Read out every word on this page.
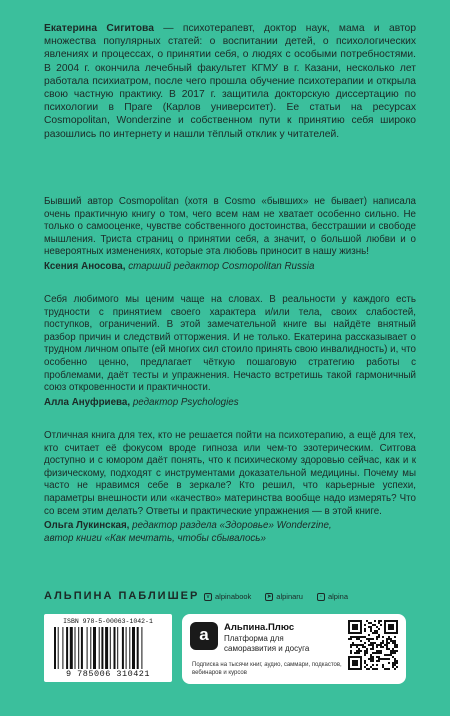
Екатерина Сигитова — психотерапевт, доктор наук, мама и автор множества популярных статей: о воспитании детей, о психологических явлениях и процессах, о принятии себя, о людях с особыми потребностями. В 2004 г. окончила лечебный факультет КГМУ в г. Казани, несколько лет работала психиатром, после чего прошла обучение психотерапии и открыла свою частную практику. В 2017 г. защитила докторскую диссертацию по психологии в Праге (Карлов университет). Ее статьи на ресурсах Cosmopolitan, Wonderzine и собственном пути к принятию себя широко разошлись по интернету и нашли тёплый отклик у читателей.

Бывший автор Cosmopolitan (хотя в Cosmo «бывших» не бывает) написала очень практичную книгу о том, чего всем нам не хватает особенно сильно. Не только о самооценке, чувстве собственного достоинства, бесстрашии и свободе мышления. Триста страниц о принятии себя, а значит, о большой любви и о невероятных изменениях, которые эта любовь приносит в нашу жизнь!

Ксения Аносова, старший редактор Cosmopolitan Russia

Себя любимого мы ценим чаще на словах. В реальности у каждого есть трудности с принятием своего характера и/или тела, своих слабостей, поступков, ограничений. В этой замечательной книге вы найдёте внятный разбор причин и следствий отторжения. И не только. Екатерина рассказывает о трудном личном опыте (ей многих сил стоило принять свою инвалидность) и, что особенно ценно, предлагает чёткую пошаговую стратегию работы с проблемами, даёт тесты и упражнения. Нечасто встретишь такой гармоничный союз откровенности и практичности.

Алла Ануфриева, редактор Psychologies

Отличная книга для тех, кто не решается пойти на психотерапию, а ещё для тех, кто считает её фокусом вроде гипноза или чем-то эзотерическим. Ситгова доступно и с юмором даёт понять, что к психическому здоровью сейчас, как и к физическому, подходят с инструментами доказательной медицины. Почему мы часто не нравимся себе в зеркале? Кто решил, что карьерные успехи, параметры внешности или «качество» материнства вообще надо измерять? Что со всем этим делать? Ответы и практические упражнения — в этой книге.

Ольга Лукинская, редактор раздела «Здоровье» Wonderzine,
автор книги «Как мечтать, чтобы сбывалось»
АЛЬПИНА ПАБЛИШЕР	v alpinabook	➤ alpinaru	◦ alpina
ISBN 978-5-00063-1042-1
9 785006 310421
а	Альпина.Плюс
Платформа для саморазвития и досуга
Подписка на тысячи книг, аудио, саммари, подкастов, вебинаров и курсов
